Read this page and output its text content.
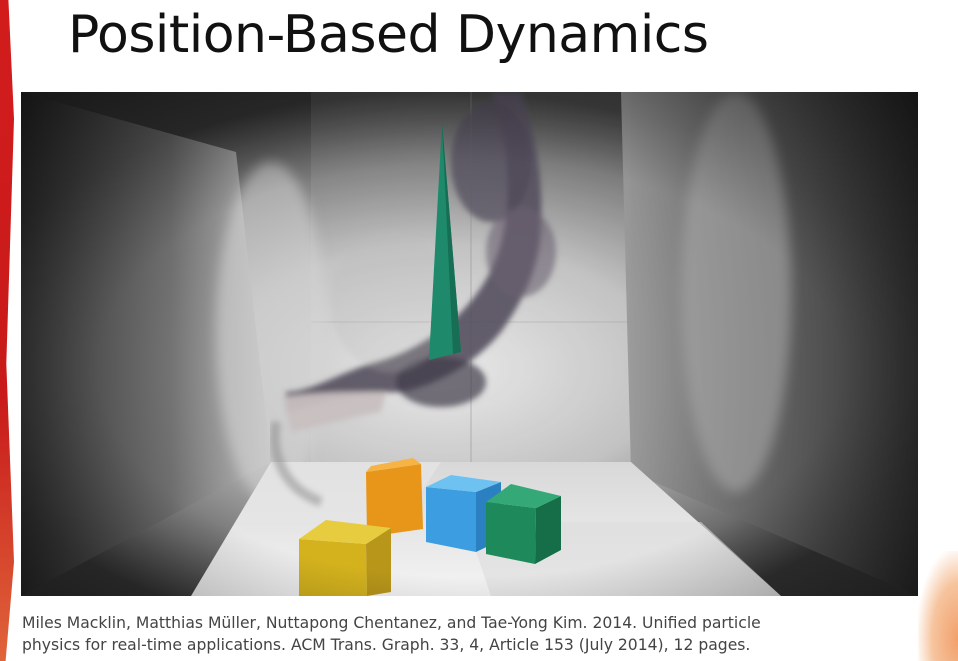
Position-Based Dynamics

Miles Macklin, Matthias Müller, Nuttapong Chentanez, and Tae-Yong Kim. 2014. Unified particle

physics for real-time applications. ACM Trans. Graph. 33, 4, Article 153 (July 2014), 12 pages.
